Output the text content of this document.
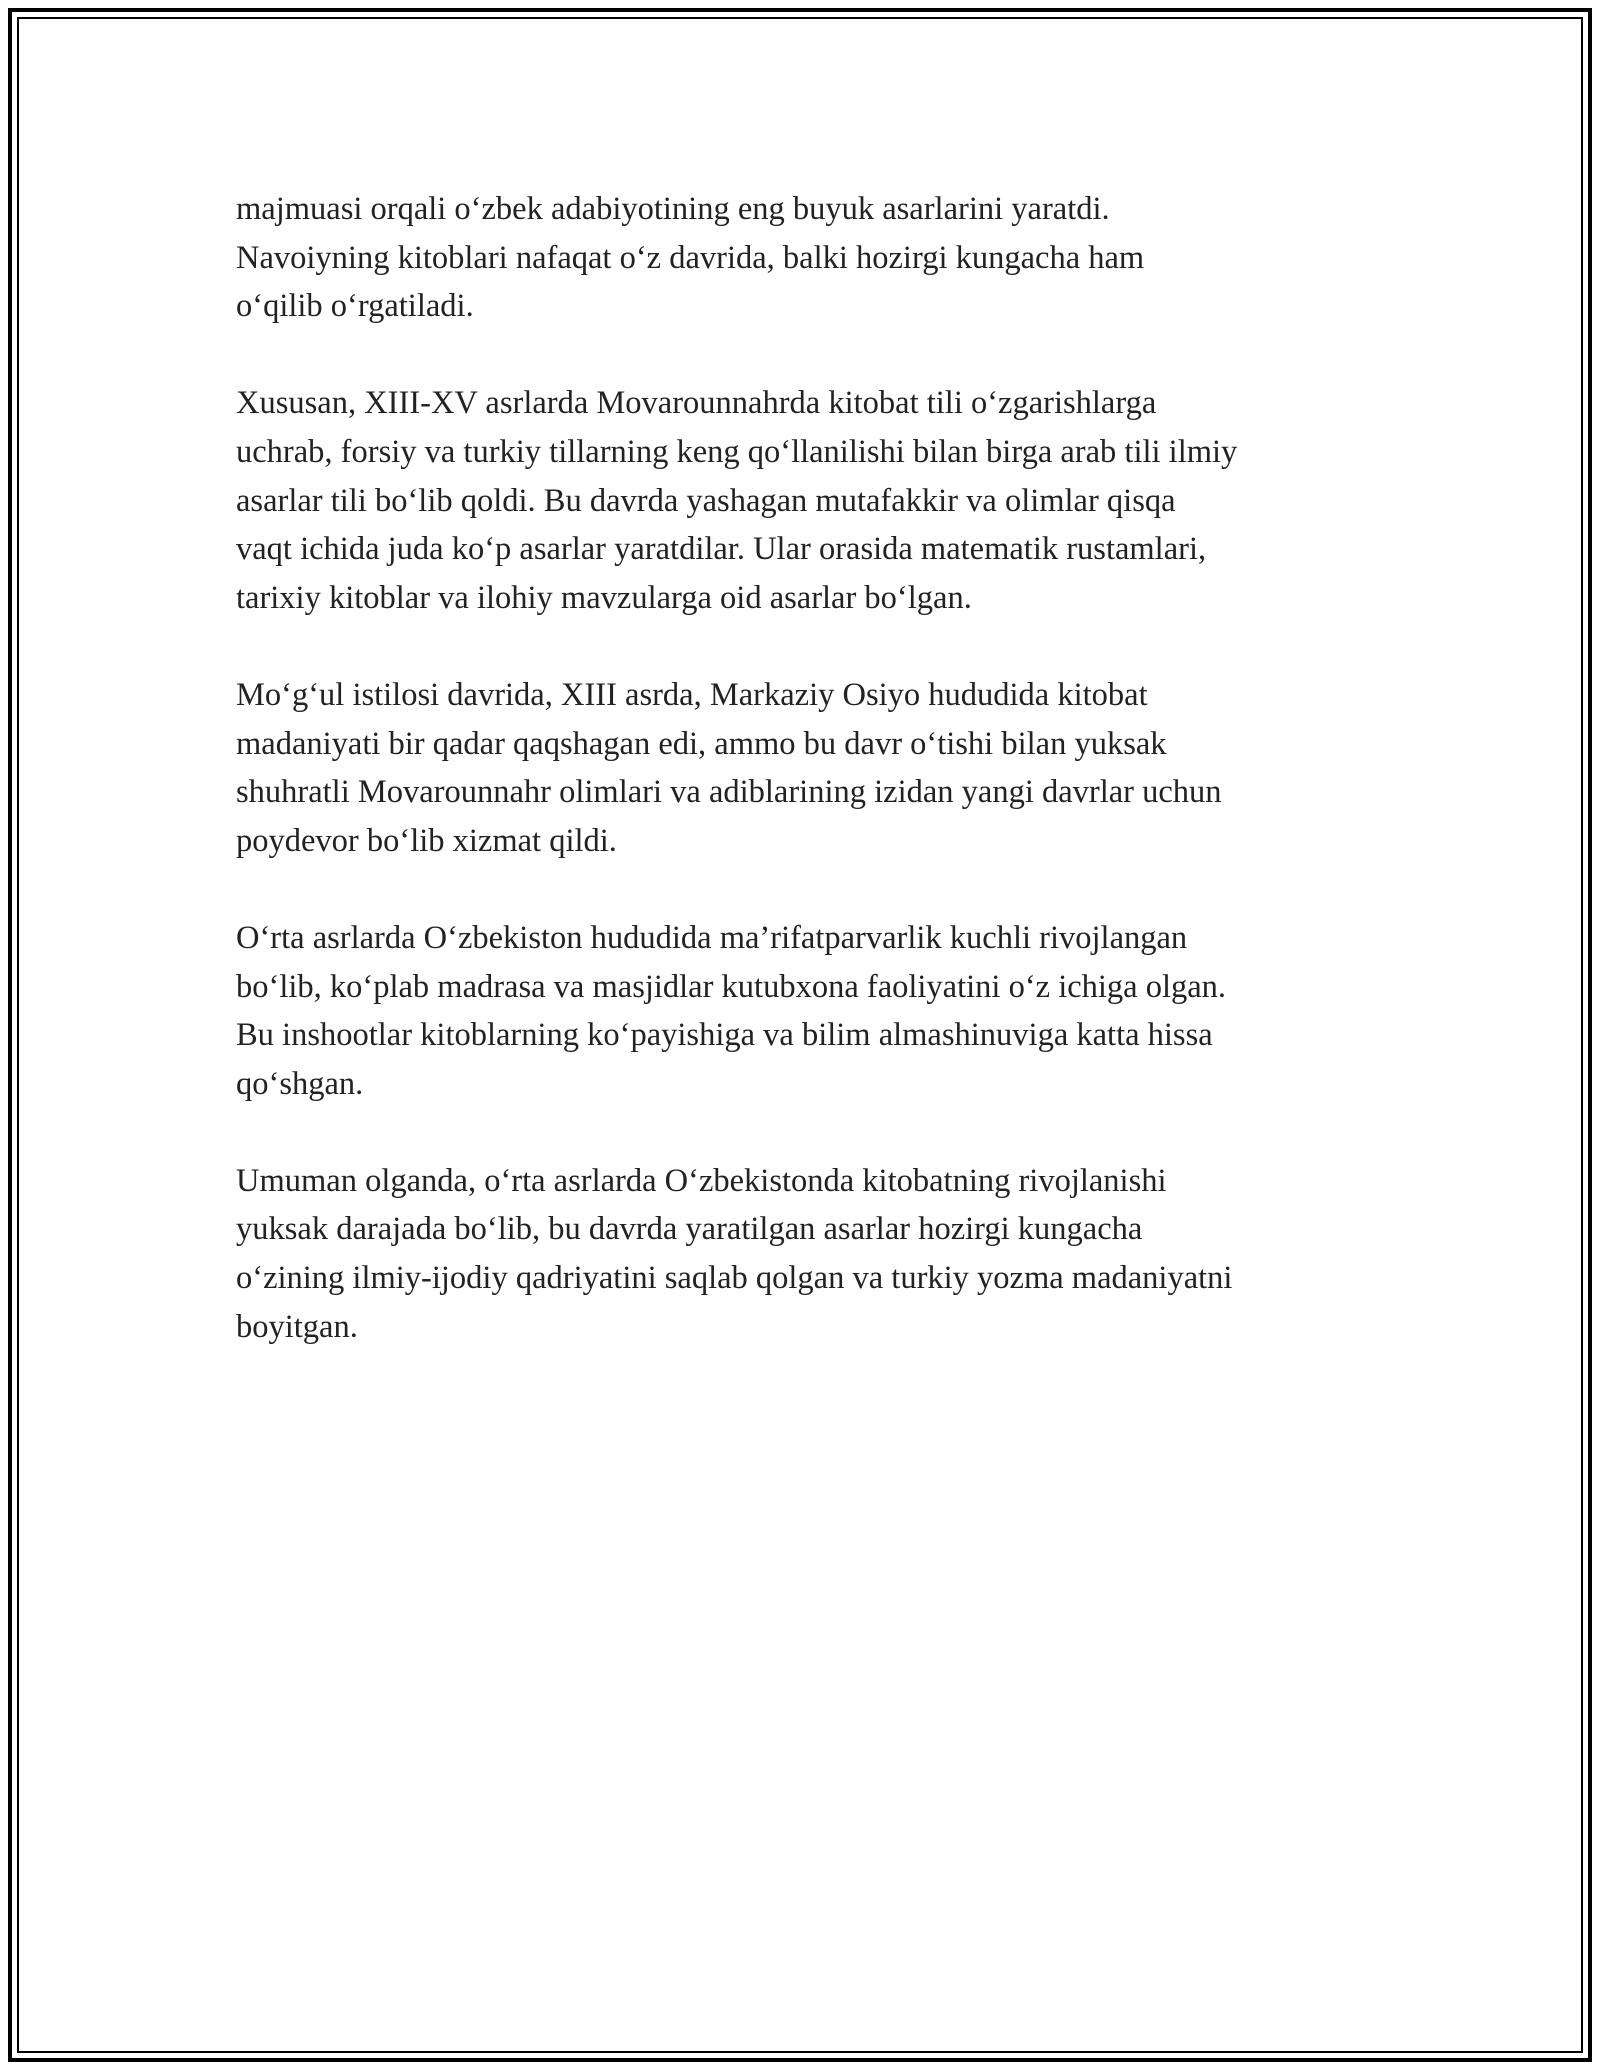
majmuasi orqali o‘zbek adabiyotining eng buyuk asarlarini yaratdi.
Navoiyning kitoblari nafaqat o‘z davrida, balki hozirgi kungacha ham
o‘qilib o‘rgatiladi.

Xususan, XIII-XV asrlarda Movarounnahrda kitobat tili o‘zgarishlarga
uchrab, forsiy va turkiy tillarning keng qo‘llanilishi bilan birga arab tili ilmiy
asarlar tili bo‘lib qoldi. Bu davrda yashagan mutafakkir va olimlar qisqa
vaqt ichida juda ko‘p asarlar yaratdilar. Ular orasida matematik rustamlari,
tarixiy kitoblar va ilohiy mavzularga oid asarlar bo‘lgan.

Mo‘g‘ul istilosi davrida, XIII asrda, Markaziy Osiyo hududida kitobat
madaniyati bir qadar qaqshagan edi, ammo bu davr o‘tishi bilan yuksak
shuhratli Movarounnahr olimlari va adiblarining izidan yangi davrlar uchun
poydevor bo‘lib xizmat qildi.

O‘rta asrlarda O‘zbekiston hududida ma’rifatparvarlik kuchli rivojlangan
bo‘lib, ko‘plab madrasa va masjidlar kutubxona faoliyatini o‘z ichiga olgan.
Bu inshootlar kitoblarning ko‘payishiga va bilim almashinuviga katta hissa
qo‘shgan.

Umuman olganda, o‘rta asrlarda O‘zbekistonda kitobatning rivojlanishi
yuksak darajada bo‘lib, bu davrda yaratilgan asarlar hozirgi kungacha
o‘zining ilmiy-ijodiy qadriyatini saqlab qolgan va turkiy yozma madaniyatni
boyitgan.
